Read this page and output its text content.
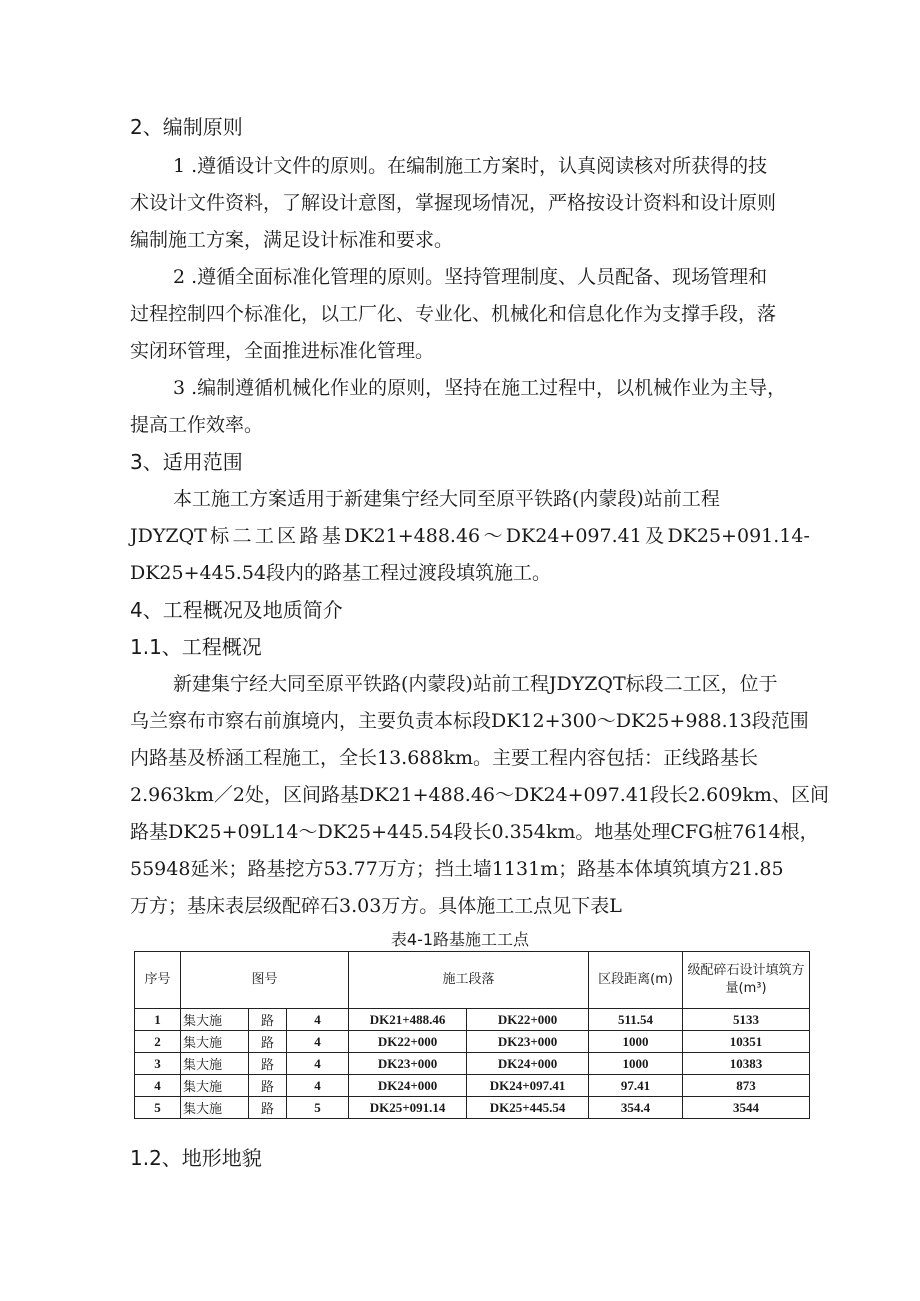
2、编制原则
1 .遵循设计文件的原则。在编制施工方案时，认真阅读核对所获得的技
术设计文件资料，了解设计意图，掌握现场情况，严格按设计资料和设计原则
编制施工方案，满足设计标准和要求。
2 .遵循全面标准化管理的原则。坚持管理制度、人员配备、现场管理和
过程控制四个标准化，以工厂化、专业化、机械化和信息化作为支撑手段，落
实闭环管理，全面推进标准化管理。
3 .编制遵循机械化作业的原则，坚持在施工过程中，以机械作业为主导，
提高工作效率。
3、适用范围
本工施工方案适用于新建集宁经大同至原平铁路(内蒙段)站前工程
JDYZQT 标 二 工 区 路 基 DK21+488.46 ～ DK24+097.41 及 DK25+091.14-
DK25+445.54段内的路基工程过渡段填筑施工。
4、工程概况及地质简介
1.1、工程概况
新建集宁经大同至原平铁路(内蒙段)站前工程JDYZQT标段二工区，位于
乌兰察布市察右前旗境内，主要负责本标段DK12+300～DK25+988.13段范围
内路基及桥涵工程施工，全长13.688km。主要工程内容包括：正线路基长
2.963km／2处，区间路基DK21+488.46～DK24+097.41段长2.609km、区间
路基DK25+09L14～DK25+445.54段长0.354km。地基处理CFG桩7614根，
55948延米；路基挖方53.77万方；挡土墙1131m；路基本体填筑填方21.85
万方；基床表层级配碎石3.03万方。具体施工工点见下表L
表4-1路基施工工点
序号	图号			施工段落		区段距离(m)	级配碎石设计填筑方量(m³)
1	集大施	路	4	DK21+488.46	DK22+000	511.54	5133
2	集大施	路	4	DK22+000	DK23+000	1000	10351
3	集大施	路	4	DK23+000	DK24+000	1000	10383
4	集大施	路	4	DK24+000	DK24+097.41	97.41	873
5	集大施	路	5	DK25+091.14	DK25+445.54	354.4	3544
1.2、地形地貌
